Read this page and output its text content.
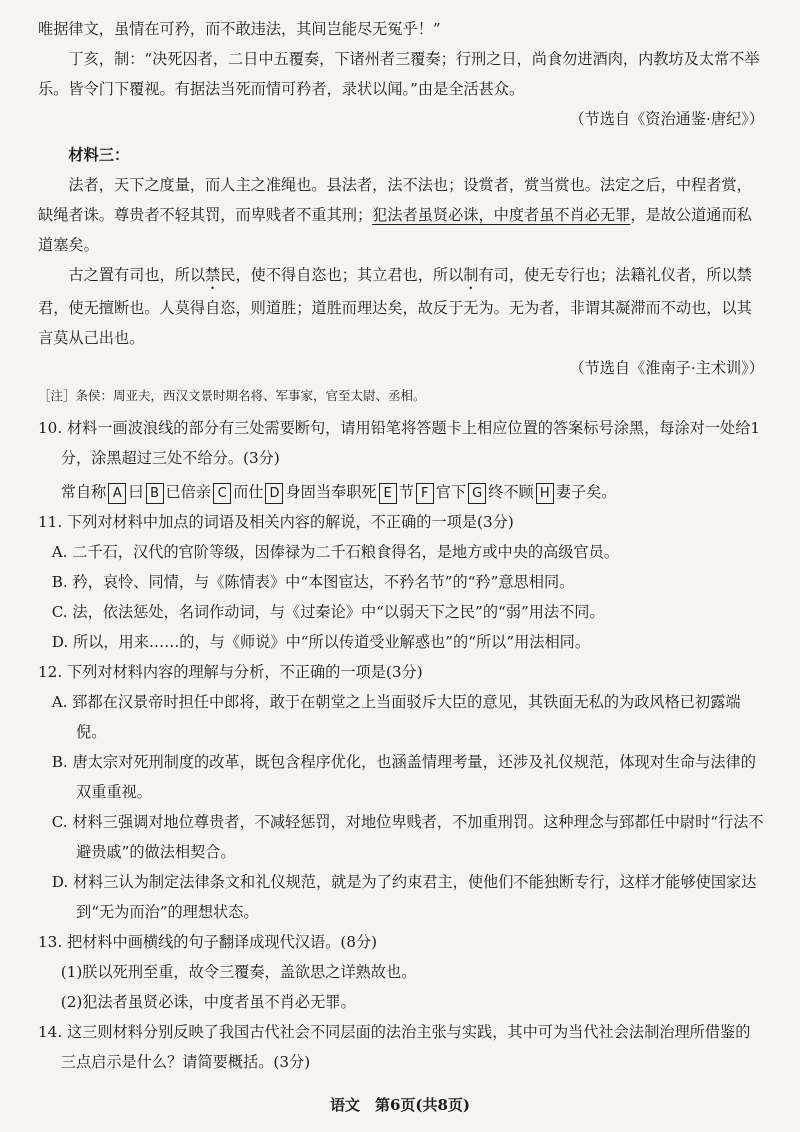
唯据律文，虽情在可矜，而不敢违法，其间岂能尽无冤乎！”

丁亥，制：“决死囚者，二日中五覆奏，下诸州者三覆奏；行刑之日，尚食勿进酒肉，内教坊及太常不举乐。皆令门下覆视。有据法当死而情可矜者，录状以闻。”由是全活甚众。

（节选自《资治通鉴·唐纪》）

材料三：

法者，天下之度量，而人主之准绳也。县法者，法不法也；设赏者，赏当赏也。法定之后，中程者赏，缺绳者诛。尊贵者不轻其罚，而卑贱者不重其刑；犯法者虽贤必诛，中度者虽不肖必无罪，是故公道通而私道塞矣。

古之置有司也，所以禁民，使不得自恣也；其立君也，所以制有司，使无专行也；法籍礼仪者，所以禁君，使无擅断也。人莫得自恣，则道胜；道胜而理达矣，故反于无为。无为者，非谓其凝滞而不动也，以其言莫从己出也。

（节选自《淮南子·主术训》）

［注］条侯：周亚夫，西汉文景时期名将、军事家，官至太尉、丞相。

10. 材料一画波浪线的部分有三处需要断句，请用铅笔将答题卡上相应位置的答案标号涂黑，每涂对一处给1分，涂黑超过三处不给分。(3分)

常自称 A 曰 B 已倍亲 C 而仕 D 身固当奉职死 E 节 F 官下 G 终不顾 H 妻子矣。

11. 下列对材料中加点的词语及相关内容的解说，不正确的一项是(3分)

A. 二千石，汉代的官阶等级，因俸禄为二千石粮食得名，是地方或中央的高级官员。

B. 矜，哀怜、同情，与《陈情表》中“本图宦达，不矜名节”的“矜”意思相同。

C. 法，依法惩处，名词作动词，与《过秦论》中“以弱天下之民”的“弱”用法不同。

D. 所以，用来……的，与《师说》中“所以传道受业解惑也”的“所以”用法相同。

12. 下列对材料内容的理解与分析，不正确的一项是(3分)

A. 郅都在汉景帝时担任中郎将，敢于在朝堂之上当面驳斥大臣的意见，其铁面无私的为政风格已初露端倪。

B. 唐太宗对死刑制度的改革，既包含程序优化，也涵盖情理考量，还涉及礼仪规范，体现对生命与法律的双重重视。

C. 材料三强调对地位尊贵者，不减轻惩罚，对地位卑贱者，不加重刑罚。这种理念与郅都任中尉时“行法不避贵戚”的做法相契合。

D. 材料三认为制定法律条文和礼仪规范，就是为了约束君主，使他们不能独断专行，这样才能够使国家达到“无为而治”的理想状态。

13. 把材料中画横线的句子翻译成现代汉语。(8分)

(1)朕以死刑至重，故令三覆奏，盖欲思之详熟故也。

(2)犯法者虽贤必诛，中度者虽不肖必无罪。

14. 这三则材料分别反映了我国古代社会不同层面的法治主张与实践，其中可为当代社会法制治理所借鉴的三点启示是什么？请简要概括。(3分)

语文　第6页(共8页)
